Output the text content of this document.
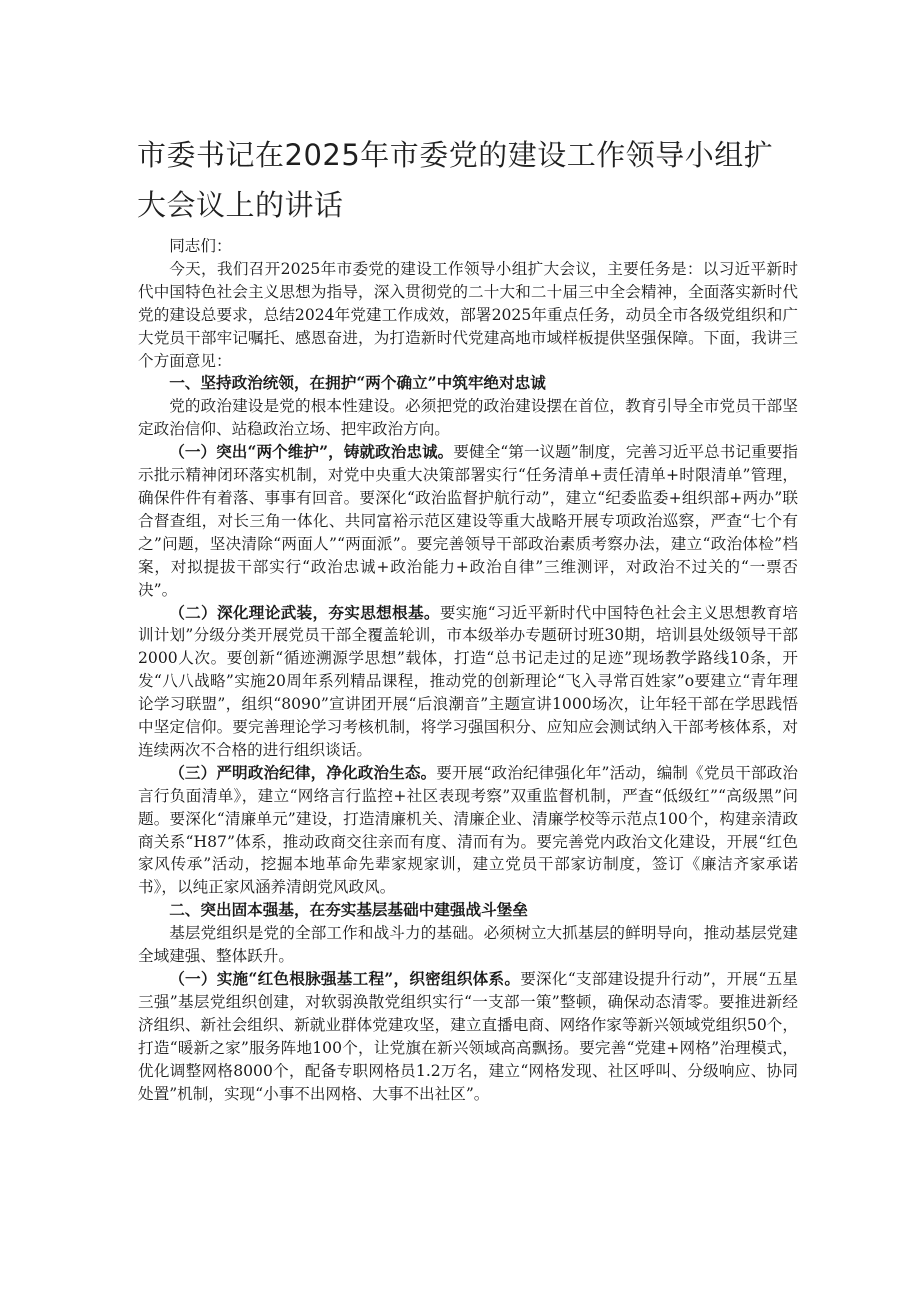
市委书记在2025年市委党的建设工作领导小组扩大会议上的讲话

同志们：

今天，我们召开2025年市委党的建设工作领导小组扩大会议，主要任务是：以习近平新时代中国特色社会主义思想为指导，深入贯彻党的二十大和二十届三中全会精神，全面落实新时代党的建设总要求，总结2024年党建工作成效，部署2025年重点任务，动员全市各级党组织和广大党员干部牢记嘱托、感恩奋进，为打造新时代党建高地市域样板提供坚强保障。下面，我讲三个方面意见：

一、坚持政治统领，在拥护“两个确立”中筑牢绝对忠诚

党的政治建设是党的根本性建设。必须把党的政治建设摆在首位，教育引导全市党员干部坚定政治信仰、站稳政治立场、把牢政治方向。

（一）突出“两个维护”，铸就政治忠诚。要健全“第一议题”制度，完善习近平总书记重要指示批示精神闭环落实机制，对党中央重大决策部署实行“任务清单+责任清单+时限清单”管理，确保件件有着落、事事有回音。要深化“政治监督护航行动”，建立“纪委监委+组织部+两办”联合督查组，对长三角一体化、共同富裕示范区建设等重大战略开展专项政治巡察，严查“七个有之”问题，坚决清除“两面人”“两面派”。要完善领导干部政治素质考察办法，建立“政治体检”档案，对拟提拔干部实行“政治忠诚+政治能力+政治自律”三维测评，对政治不过关的“一票否决”。

（二）深化理论武装，夯实思想根基。要实施“习近平新时代中国特色社会主义思想教育培训计划”分级分类开展党员干部全覆盖轮训，市本级举办专题研讨班30期，培训县处级领导干部2000人次。要创新“循迹溯源学思想”载体，打造“总书记走过的足迹”现场教学路线10条，开发“八八战略”实施20周年系列精品课程，推动党的创新理论“飞入寻常百姓家”o要建立“青年理论学习联盟”，组织“8090”宣讲团开展“后浪潮音”主题宣讲1000场次，让年轻干部在学思践悟中坚定信仰。要完善理论学习考核机制，将学习强国积分、应知应会测试纳入干部考核体系，对连续两次不合格的进行组织谈话。

（三）严明政治纪律，净化政治生态。要开展“政治纪律强化年”活动，编制《党员干部政治言行负面清单》，建立“网络言行监控+社区表现考察”双重监督机制，严查“低级红”“高级黑”问题。要深化“清廉单元”建设，打造清廉机关、清廉企业、清廉学校等示范点100个，构建亲清政商关系“H87”体系，推动政商交往亲而有度、清而有为。要完善党内政治文化建设，开展“红色家风传承”活动，挖掘本地革命先辈家规家训，建立党员干部家访制度，签订《廉洁齐家承诺书》，以纯正家风涵养清朗党风政风。

二、突出固本强基，在夯实基层基础中建强战斗堡垒

基层党组织是党的全部工作和战斗力的基础。必须树立大抓基层的鲜明导向，推动基层党建全域建强、整体跃升。

（一）实施“红色根脉强基工程”，织密组织体系。要深化“支部建设提升行动”，开展“五星三强”基层党组织创建，对软弱涣散党组织实行“一支部一策”整顿，确保动态清零。要推进新经济组织、新社会组织、新就业群体党建攻坚，建立直播电商、网络作家等新兴领域党组织50个，打造“暖新之家”服务阵地100个，让党旗在新兴领域高高飘扬。要完善“党建+网格”治理模式，优化调整网格8000个，配备专职网格员1.2万名，建立“网格发现、社区呼叫、分级响应、协同处置”机制，实现“小事不出网格、大事不出社区”。
